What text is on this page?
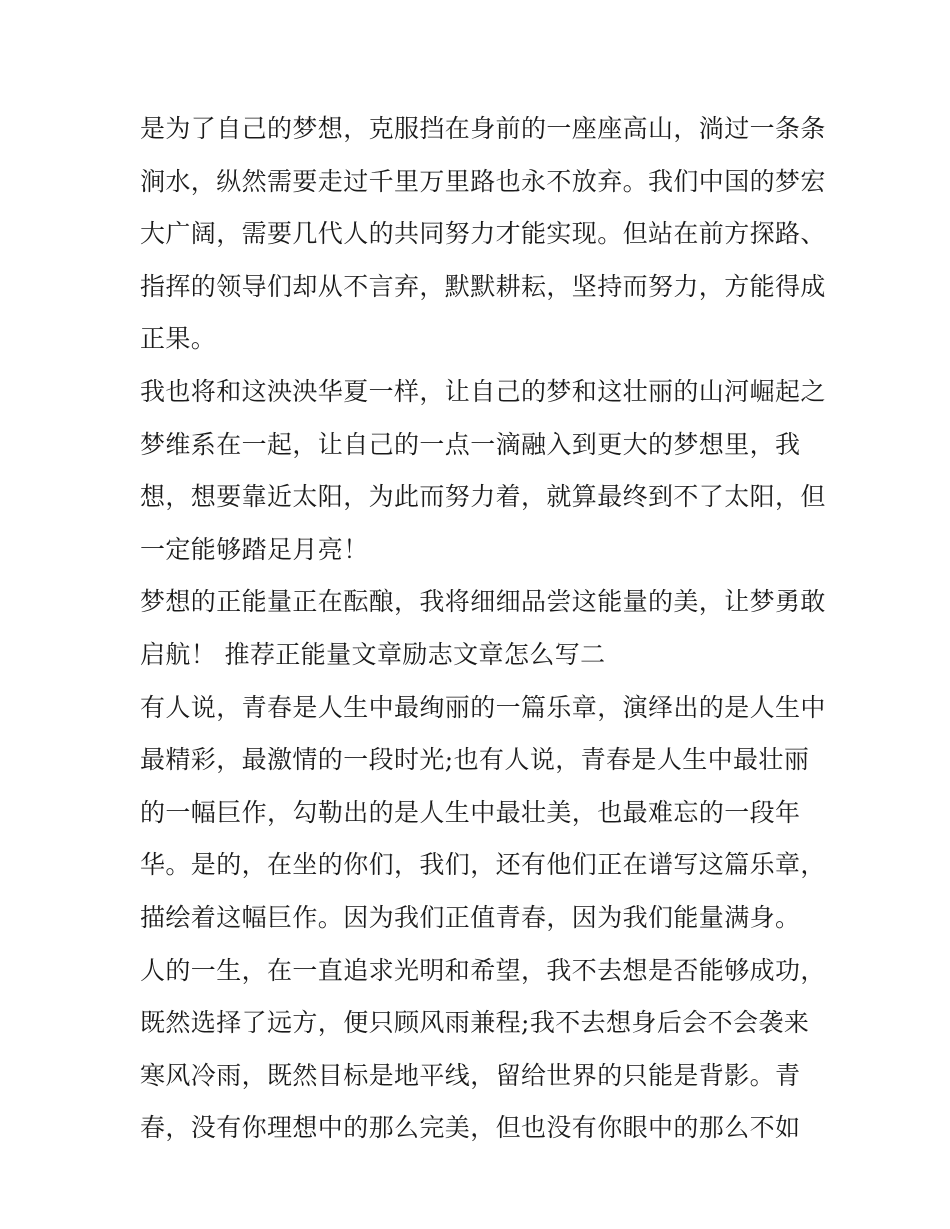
是为了自己的梦想，克服挡在身前的一座座高山，淌过一条条
涧水，纵然需要走过千里万里路也永不放弃。我们中国的梦宏
大广阔，需要几代人的共同努力才能实现。但站在前方探路、
指挥的领导们却从不言弃，默默耕耘，坚持而努力，方能得成
正果。
我也将和这泱泱华夏一样，让自己的梦和这壮丽的山河崛起之
梦维系在一起，让自己的一点一滴融入到更大的梦想里，我
想，想要靠近太阳，为此而努力着，就算最终到不了太阳，但
一定能够踏足月亮！
梦想的正能量正在酝酿，我将细细品尝这能量的美，让梦勇敢
启航！ 推荐正能量文章励志文章怎么写二
有人说，青春是人生中最绚丽的一篇乐章，演绎出的是人生中
最精彩，最激情的一段时光;也有人说，青春是人生中最壮丽
的一幅巨作，勾勒出的是人生中最壮美，也最难忘的一段年
华。是的，在坐的你们，我们，还有他们正在谱写这篇乐章，
描绘着这幅巨作。因为我们正值青春，因为我们能量满身。
人的一生，在一直追求光明和希望，我不去想是否能够成功，
既然选择了远方，便只顾风雨兼程;我不去想身后会不会袭来
寒风冷雨，既然目标是地平线，留给世界的只能是背影。青
春，没有你理想中的那么完美，但也没有你眼中的那么不如
